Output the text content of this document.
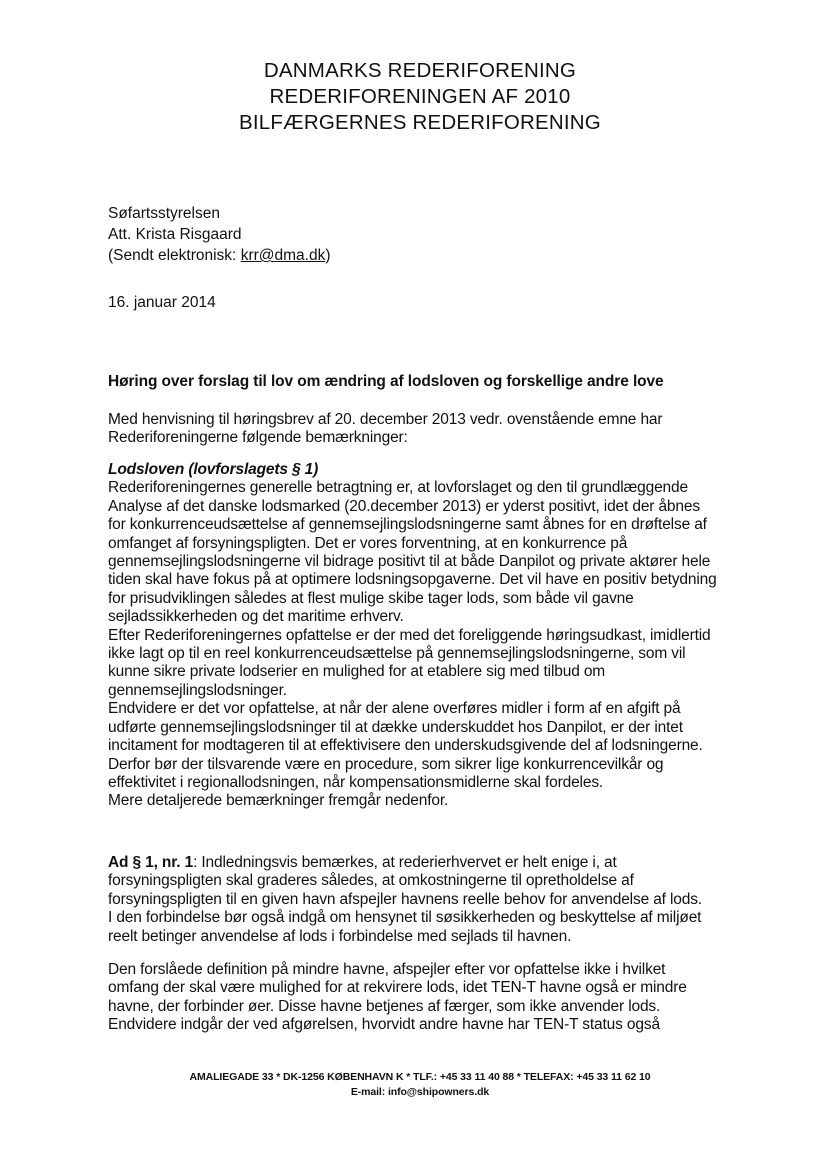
DANMARKS REDERIFORENING
REDERIFORENINGEN AF 2010
BILFÆRGERNES REDERIFORENING
Søfartsstyrelsen
Att. Krista Risgaard
(Sendt elektronisk: krr@dma.dk)
16. januar 2014
Høring over forslag til lov om ændring af lodsloven og forskellige andre love

Med henvisning til høringsbrev af 20. december 2013 vedr. ovenstående emne har Rederiforeningerne følgende bemærkninger:

Lodsloven (lovforslagets § 1)

Rederiforeningernes generelle betragtning er, at lovforslaget og den til grundlæggende Analyse af det danske lodsmarked (20.december 2013) er yderst positivt, idet der åbnes for konkurrenceudsættelse af gennemsejlingslodsningerne samt åbnes for en drøftelse af omfanget af forsyningspligten. Det er vores forventning, at en konkurrence på gennemsejlingslodsningerne vil bidrage positivt til at både Danpilot og private aktører hele tiden skal have fokus på at optimere lodsningsopgaverne. Det vil have en positiv betydning for prisudviklingen således at flest mulige skibe tager lods, som både vil gavne sejladssikkerheden og det maritime erhverv.

Efter Rederiforeningernes opfattelse er der med det foreliggende høringsudkast, imidlertid ikke lagt op til en reel konkurrenceudsættelse på gennemsejlingslodsningerne, som vil kunne sikre private lodserier en mulighed for at etablere sig med tilbud om gennemsejlingslodsninger.

Endvidere er det vor opfattelse, at når der alene overføres midler i form af en afgift på udførte gennemsejlingslodsninger til at dække underskuddet hos Danpilot, er der intet incitament for modtageren til at effektivisere den underskudsgivende del af lodsningerne. Derfor bør der tilsvarende være en procedure, som sikrer lige konkurrencevilkår og effektivitet i regionallodsningen, når kompensationsmidlerne skal fordeles.

Mere detaljerede bemærkninger fremgår nedenfor.

Ad § 1, nr. 1: Indledningsvis bemærkes, at rederierhvervet er helt enige i, at forsyningspligten skal graderes således, at omkostningerne til opretholdelse af forsyningspligten til en given havn afspejler havnens reelle behov for anvendelse af lods.

I den forbindelse bør også indgå om hensynet til søsikkerheden og beskyttelse af miljøet reelt betinger anvendelse af lods i forbindelse med sejlads til havnen.

Den forslåede definition på mindre havne, afspejler efter vor opfattelse ikke i hvilket omfang der skal være mulighed for at rekvirere lods, idet TEN-T havne også er mindre havne, der forbinder øer. Disse havne betjenes af færger, som ikke anvender lods. Endvidere indgår der ved afgørelsen, hvorvidt andre havne har TEN-T status også

AMALIEGADE 33 * DK-1256 KØBENHAVN K * TLF.: +45 33 11 40 88 * TELEFAX: +45 33 11 62 10
E-mail: info@shipowners.dk
